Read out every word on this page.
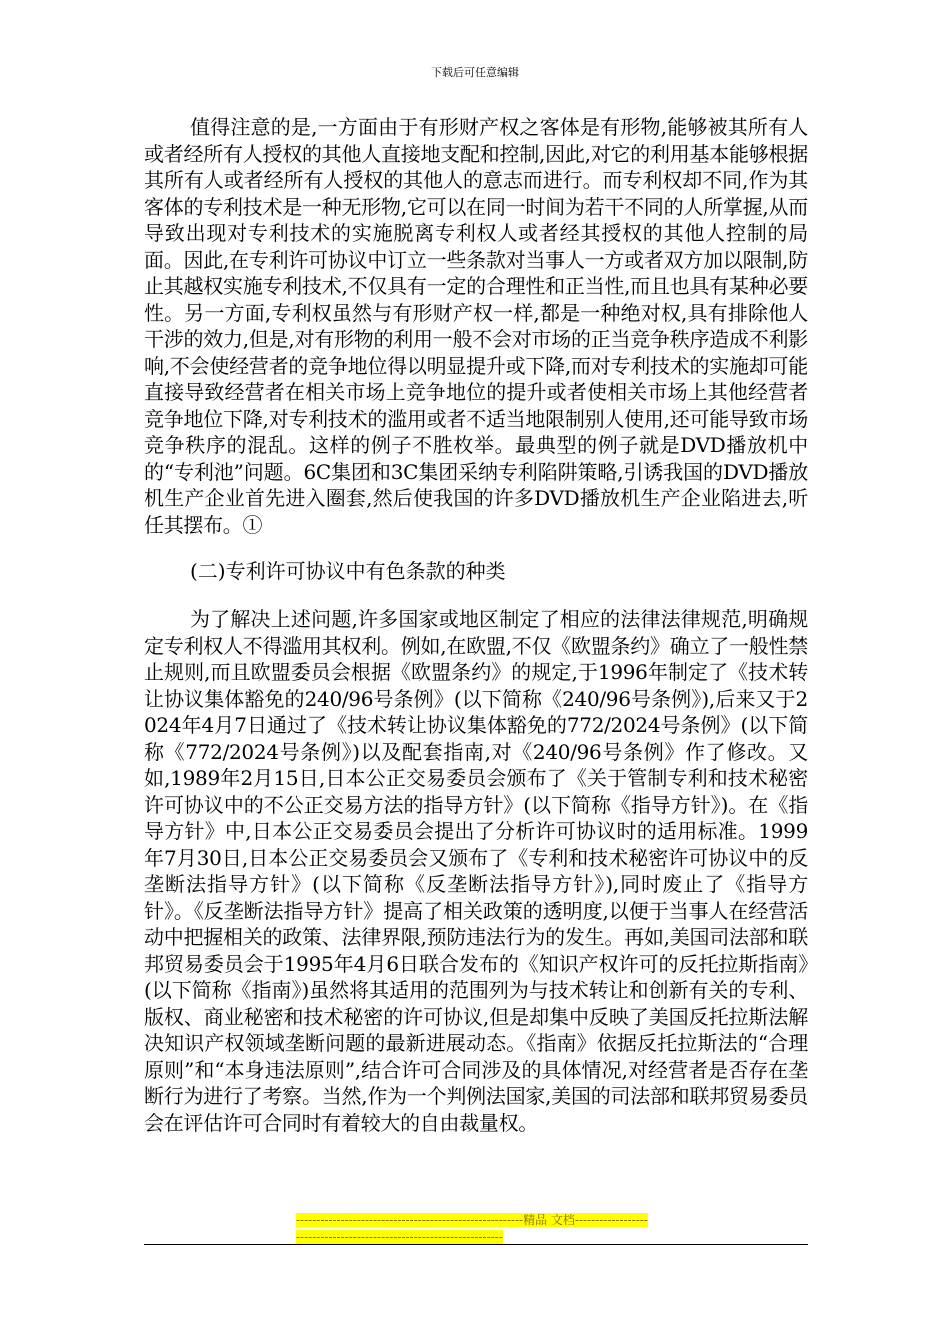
下载后可任意编辑

值得注意的是,一方面由于有形财产权之客体是有形物,能够被其所有人或者经所有人授权的其他人直接地支配和控制,因此,对它的利用基本能够根据其所有人或者经所有人授权的其他人的意志而进行。而专利权却不同,作为其客体的专利技术是一种无形物,它可以在同一时间为若干不同的人所掌握,从而导致出现对专利技术的实施脱离专利权人或者经其授权的其他人控制的局面。因此,在专利许可协议中订立一些条款对当事人一方或者双方加以限制,防止其越权实施专利技术,不仅具有一定的合理性和正当性,而且也具有某种必要性。另一方面,专利权虽然与有形财产权一样,都是一种绝对权,具有排除他人干涉的效力,但是,对有形物的利用一般不会对市场的正当竞争秩序造成不利影响,不会使经营者的竞争地位得以明显提升或下降,而对专利技术的实施却可能直接导致经营者在相关市场上竞争地位的提升或者使相关市场上其他经营者竞争地位下降,对专利技术的滥用或者不适当地限制别人使用,还可能导致市场竞争秩序的混乱。这样的例子不胜枚举。最典型的例子就是DVD播放机中的“专利池”问题。6C集团和3C集团采纳专利陷阱策略,引诱我国的DVD播放机生产企业首先进入圈套,然后使我国的许多DVD播放机生产企业陷进去,听任其摆布。①

(二)专利许可协议中有色条款的种类

为了解决上述问题,许多国家或地区制定了相应的法律法律规范,明确规定专利权人不得滥用其权利。例如,在欧盟,不仅《欧盟条约》确立了一般性禁止规则,而且欧盟委员会根据《欧盟条约》的规定,于1996年制定了《技术转让协议集体豁免的240/96号条例》(以下简称《240/96号条例》),后来又于2024年4月7日通过了《技术转让协议集体豁免的772/2024号条例》(以下简称《772/2024号条例》)以及配套指南,对《240/96号条例》作了修改。又如,1989年2月15日,日本公正交易委员会颁布了《关于管制专利和技术秘密许可协议中的不公正交易方法的指导方针》(以下简称《指导方针》)。在《指导方针》中,日本公正交易委员会提出了分析许可协议时的适用标准。1999年7月30日,日本公正交易委员会又颁布了《专利和技术秘密许可协议中的反垄断法指导方针》(以下简称《反垄断法指导方针》),同时废止了《指导方针》。《反垄断法指导方针》提高了相关政策的透明度,以便于当事人在经营活动中把握相关的政策、法律界限,预防违法行为的发生。再如,美国司法部和联邦贸易委员会于1995年4月6日联合发布的《知识产权许可的反托拉斯指南》(以下简称《指南》)虽然将其适用的范围列为与技术转让和创新有关的专利、版权、商业秘密和技术秘密的许可协议,但是却集中反映了美国反托拉斯法解决知识产权领域垄断问题的最新进展动态。《指南》依据反托拉斯法的“合理原则”和“本身违法原则”,结合许可合同涉及的具体情况,对经营者是否存在垄断行为进行了考察。当然,作为一个判例法国家,美国的司法部和联邦贸易委员会在评估许可合同时有着较大的自由裁量权。

--------------------------------------------------------精品 文档---------------------------------------------------------------------
